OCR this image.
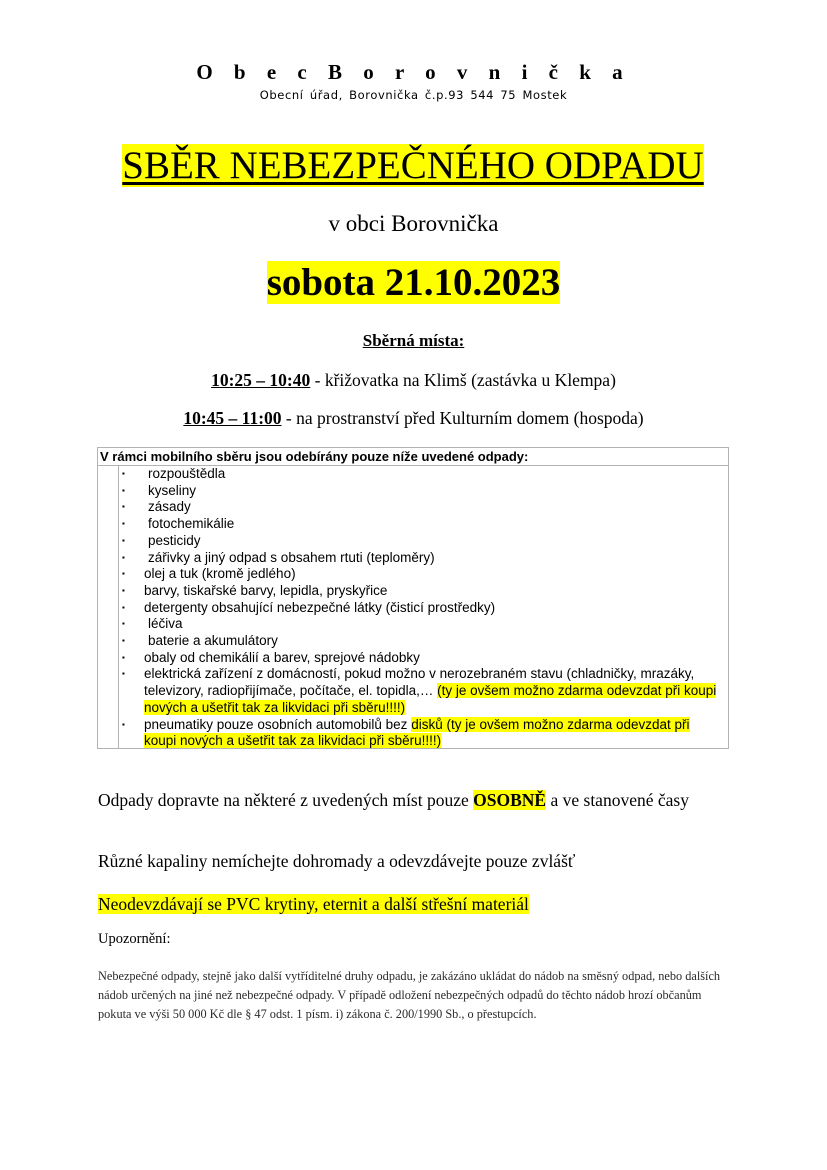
O b e c B o r o v n i č k a
Obecní úřad, Borovnička č.p.93 544 75 Mostek
SBĚR NEBEZPEČNÉHO ODPADU
v obci Borovnička
sobota 21.10.2023
Sběrná místa:
10:25 – 10:40 - křižovatka na Klimš (zastávka u Klempa)
10:45 – 11:00 - na prostranství před Kulturním domem (hospoda)
V rámci mobilního sběru jsou odebírány pouze níže uvedené odpady:
▪ rozpouštědla
▪ kyseliny
▪ zásady
▪ fotochemikálie
▪ pesticidy
▪ zářivky a jiný odpad s obsahem rtuti (teploměry)
▪ olej a tuk (kromě jedlého)
▪ barvy, tiskařské barvy, lepidla, pryskyřice
▪ detergenty obsahující nebezpečné látky (čisticí prostředky)
▪ léčiva
▪ baterie a akumulátory
▪ obaly od chemikálií a barev, sprejové nádobky
▪ elektrická zařízení z domácností, pokud možno v nerozebraném stavu (chladničky, mrazáky, televizory, radiopřijímače, počítače, el. topidla,… (ty je ovšem možno zdarma odevzdat při koupi nových a ušetřit tak za likvidaci při sběru!!!!)
▪ pneumatiky pouze osobních automobilů bez disků (ty je ovšem možno zdarma odevzdat při koupi nových a ušetřit tak za likvidaci při sběru!!!!)
Odpady dopravte na některé z uvedených míst pouze OSOBNĚ a ve stanovené časy
Různé kapaliny nemíchejte dohromady a odevzdávejte pouze zvlášť
Neodevzdávají se PVC krytiny, eternit a další střešní materiál
Upozornění:
Nebezpečné odpady, stejně jako další vytříditelné druhy odpadu, je zakázáno ukládat do nádob na směsný odpad, nebo dalších nádob určených na jiné než nebezpečné odpady. V případě odložení nebezpečných odpadů do těchto nádob hrozí občanům pokuta ve výši 50 000 Kč dle § 47 odst. 1 písm. i) zákona č. 200/1990 Sb., o přestupcích.
